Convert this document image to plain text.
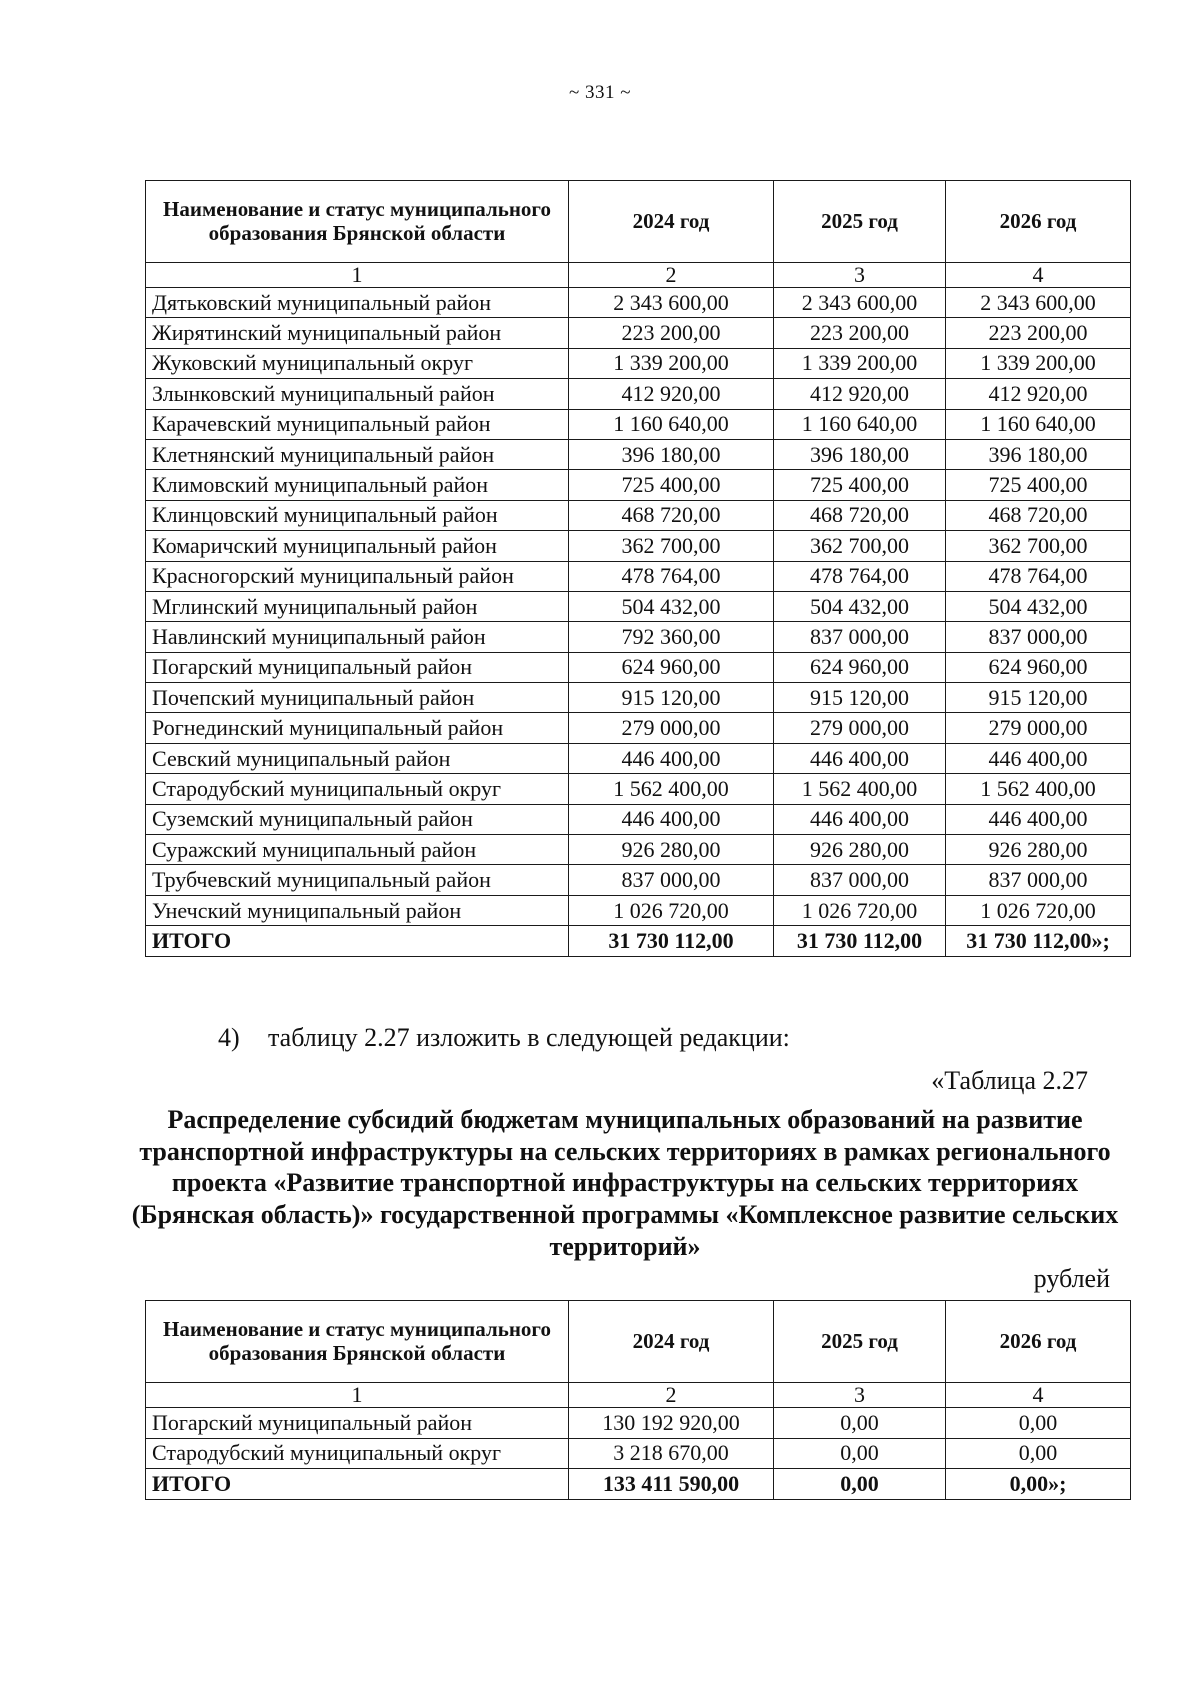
~ 331 ~
Наименование и статус муниципального образования Брянской области	2024 год	2025 год	2026 год
1	2	3	4
Дятьковский муниципальный район	2 343 600,00	2 343 600,00	2 343 600,00
Жирятинский муниципальный район	223 200,00	223 200,00	223 200,00
Жуковский муниципальный округ	1 339 200,00	1 339 200,00	1 339 200,00
Злынковский муниципальный район	412 920,00	412 920,00	412 920,00
Карачевский муниципальный район	1 160 640,00	1 160 640,00	1 160 640,00
Клетнянский муниципальный район	396 180,00	396 180,00	396 180,00
Климовский муниципальный район	725 400,00	725 400,00	725 400,00
Клинцовский муниципальный район	468 720,00	468 720,00	468 720,00
Комаричский муниципальный район	362 700,00	362 700,00	362 700,00
Красногорский муниципальный район	478 764,00	478 764,00	478 764,00
Мглинский муниципальный район	504 432,00	504 432,00	504 432,00
Навлинский муниципальный район	792 360,00	837 000,00	837 000,00
Погарский муниципальный район	624 960,00	624 960,00	624 960,00
Почепский муниципальный район	915 120,00	915 120,00	915 120,00
Рогнединский муниципальный район	279 000,00	279 000,00	279 000,00
Севский муниципальный район	446 400,00	446 400,00	446 400,00
Стародубский муниципальный округ	1 562 400,00	1 562 400,00	1 562 400,00
Суземский муниципальный район	446 400,00	446 400,00	446 400,00
Суражский муниципальный район	926 280,00	926 280,00	926 280,00
Трубчевский муниципальный район	837 000,00	837 000,00	837 000,00
Унечский муниципальный район	1 026 720,00	1 026 720,00	1 026 720,00
ИТОГО	31 730 112,00	31 730 112,00	31 730 112,00»;
4) таблицу 2.27 изложить в следующей редакции:
«Таблица 2.27
Распределение субсидий бюджетам муниципальных образований на развитие транспортной инфраструктуры на сельских территориях в рамках регионального проекта «Развитие транспортной инфраструктуры на сельских территориях (Брянская область)» государственной программы «Комплексное развитие сельских территорий»
рублей
Наименование и статус муниципального образования Брянской области	2024 год	2025 год	2026 год
1	2	3	4
Погарский муниципальный район	130 192 920,00	0,00	0,00
Стародубский муниципальный округ	3 218 670,00	0,00	0,00
ИТОГО	133 411 590,00	0,00	0,00»;
